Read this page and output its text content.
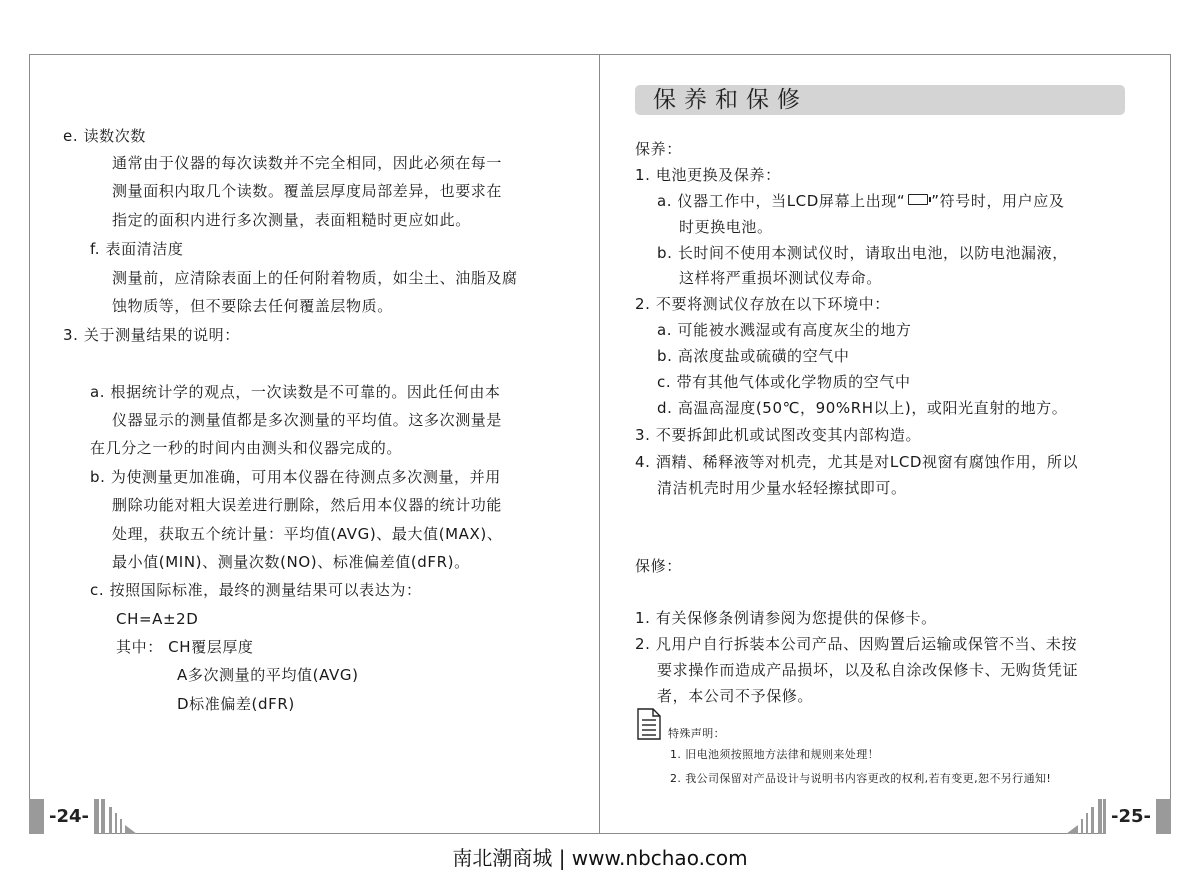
e. 读数次数
通常由于仪器的每次读数并不完全相同，因此必须在每一
测量面积内取几个读数。覆盖层厚度局部差异，也要求在
指定的面积内进行多次测量，表面粗糙时更应如此。
f. 表面清洁度
测量前，应清除表面上的任何附着物质，如尘土、油脂及腐
蚀物质等，但不要除去任何覆盖层物质。
3. 关于测量结果的说明：
a. 根据统计学的观点，一次读数是不可靠的。因此任何由本
仪器显示的测量值都是多次测量的平均值。这多次测量是
在几分之一秒的时间内由测头和仪器完成的。
b. 为使测量更加准确，可用本仪器在待测点多次测量，并用
删除功能对粗大误差进行删除，然后用本仪器的统计功能
处理，获取五个统计量：平均值(AVG)、最大值(MAX)、
最小值(MIN)、测量次数(NO)、标准偏差值(dFR)。
c. 按照国际标准，最终的测量结果可以表达为：
CH=A±2D
其中： CH覆层厚度
A多次测量的平均值(AVG)
D标准偏差(dFR)
-24-
保养和保修
保养：
1. 电池更换及保养：
a. 仪器工作中，当LCD屏幕上出现“ ”符号时，用户应及
时更换电池。
b. 长时间不使用本测试仪时，请取出电池，以防电池漏液，
这样将严重损坏测试仪寿命。
2. 不要将测试仪存放在以下环境中：
a. 可能被水溅湿或有高度灰尘的地方
b. 高浓度盐或硫磺的空气中
c. 带有其他气体或化学物质的空气中
d. 高温高湿度(50℃，90%RH以上)，或阳光直射的地方。
3. 不要拆卸此机或试图改变其内部构造。
4. 酒精、稀释液等对机壳，尤其是对LCD视窗有腐蚀作用，所以
清洁机壳时用少量水轻轻擦拭即可。
保修：
1. 有关保修条例请参阅为您提供的保修卡。
2. 凡用户自行拆装本公司产品、因购置后运输或保管不当、未按
要求操作而造成产品损坏，以及私自涂改保修卡、无购货凭证
者，本公司不予保修。
特殊声明：
1. 旧电池须按照地方法律和规则来处理！
2. 我公司保留对产品设计与说明书内容更改的权利,若有变更,恕不另行通知!
-25-
南北潮商城 | www.nbchao.com
